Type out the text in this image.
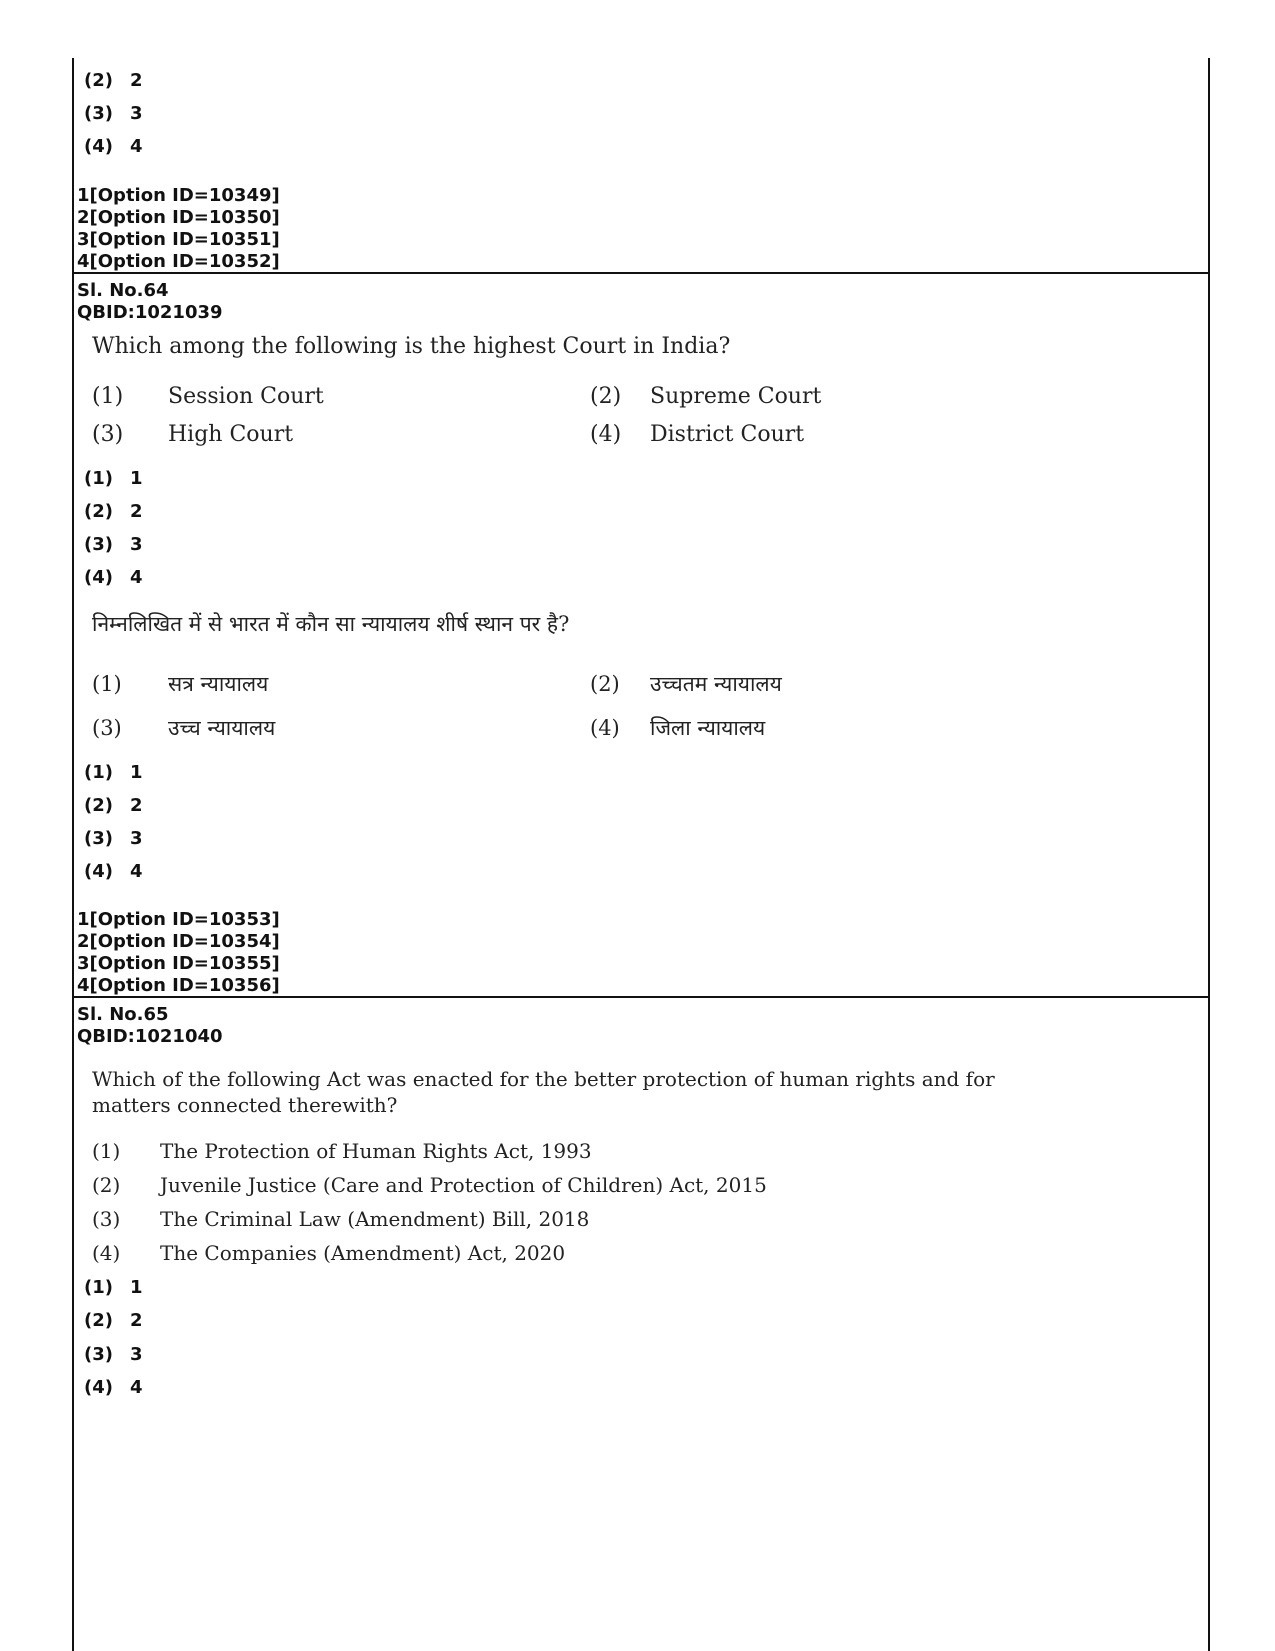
(2) 2
(3) 3
(4) 4
1[Option ID=10349]
2[Option ID=10350]
3[Option ID=10351]
4[Option ID=10352]
Sl. No.64
QBID:1021039
Which among the following is the highest Court in India?
(1) Session Court	(2) Supreme Court
(3) High Court	(4) District Court
(1) 1
(2) 2
(3) 3
(4) 4
निम्नलिखित में से भारत में कौन सा न्यायालय शीर्ष स्थान पर है?
(1) सत्र न्यायालय	(2) उच्चतम न्यायालय
(3) उच्च न्यायालय	(4) जिला न्यायालय
(1) 1
(2) 2
(3) 3
(4) 4
1[Option ID=10353]
2[Option ID=10354]
3[Option ID=10355]
4[Option ID=10356]
Sl. No.65
QBID:1021040
Which of the following Act was enacted for the better protection of human rights and for
matters connected therewith?
(1) The Protection of Human Rights Act, 1993
(2) Juvenile Justice (Care and Protection of Children) Act, 2015
(3) The Criminal Law (Amendment) Bill, 2018
(4) The Companies (Amendment) Act, 2020
(1) 1
(2) 2
(3) 3
(4) 4
